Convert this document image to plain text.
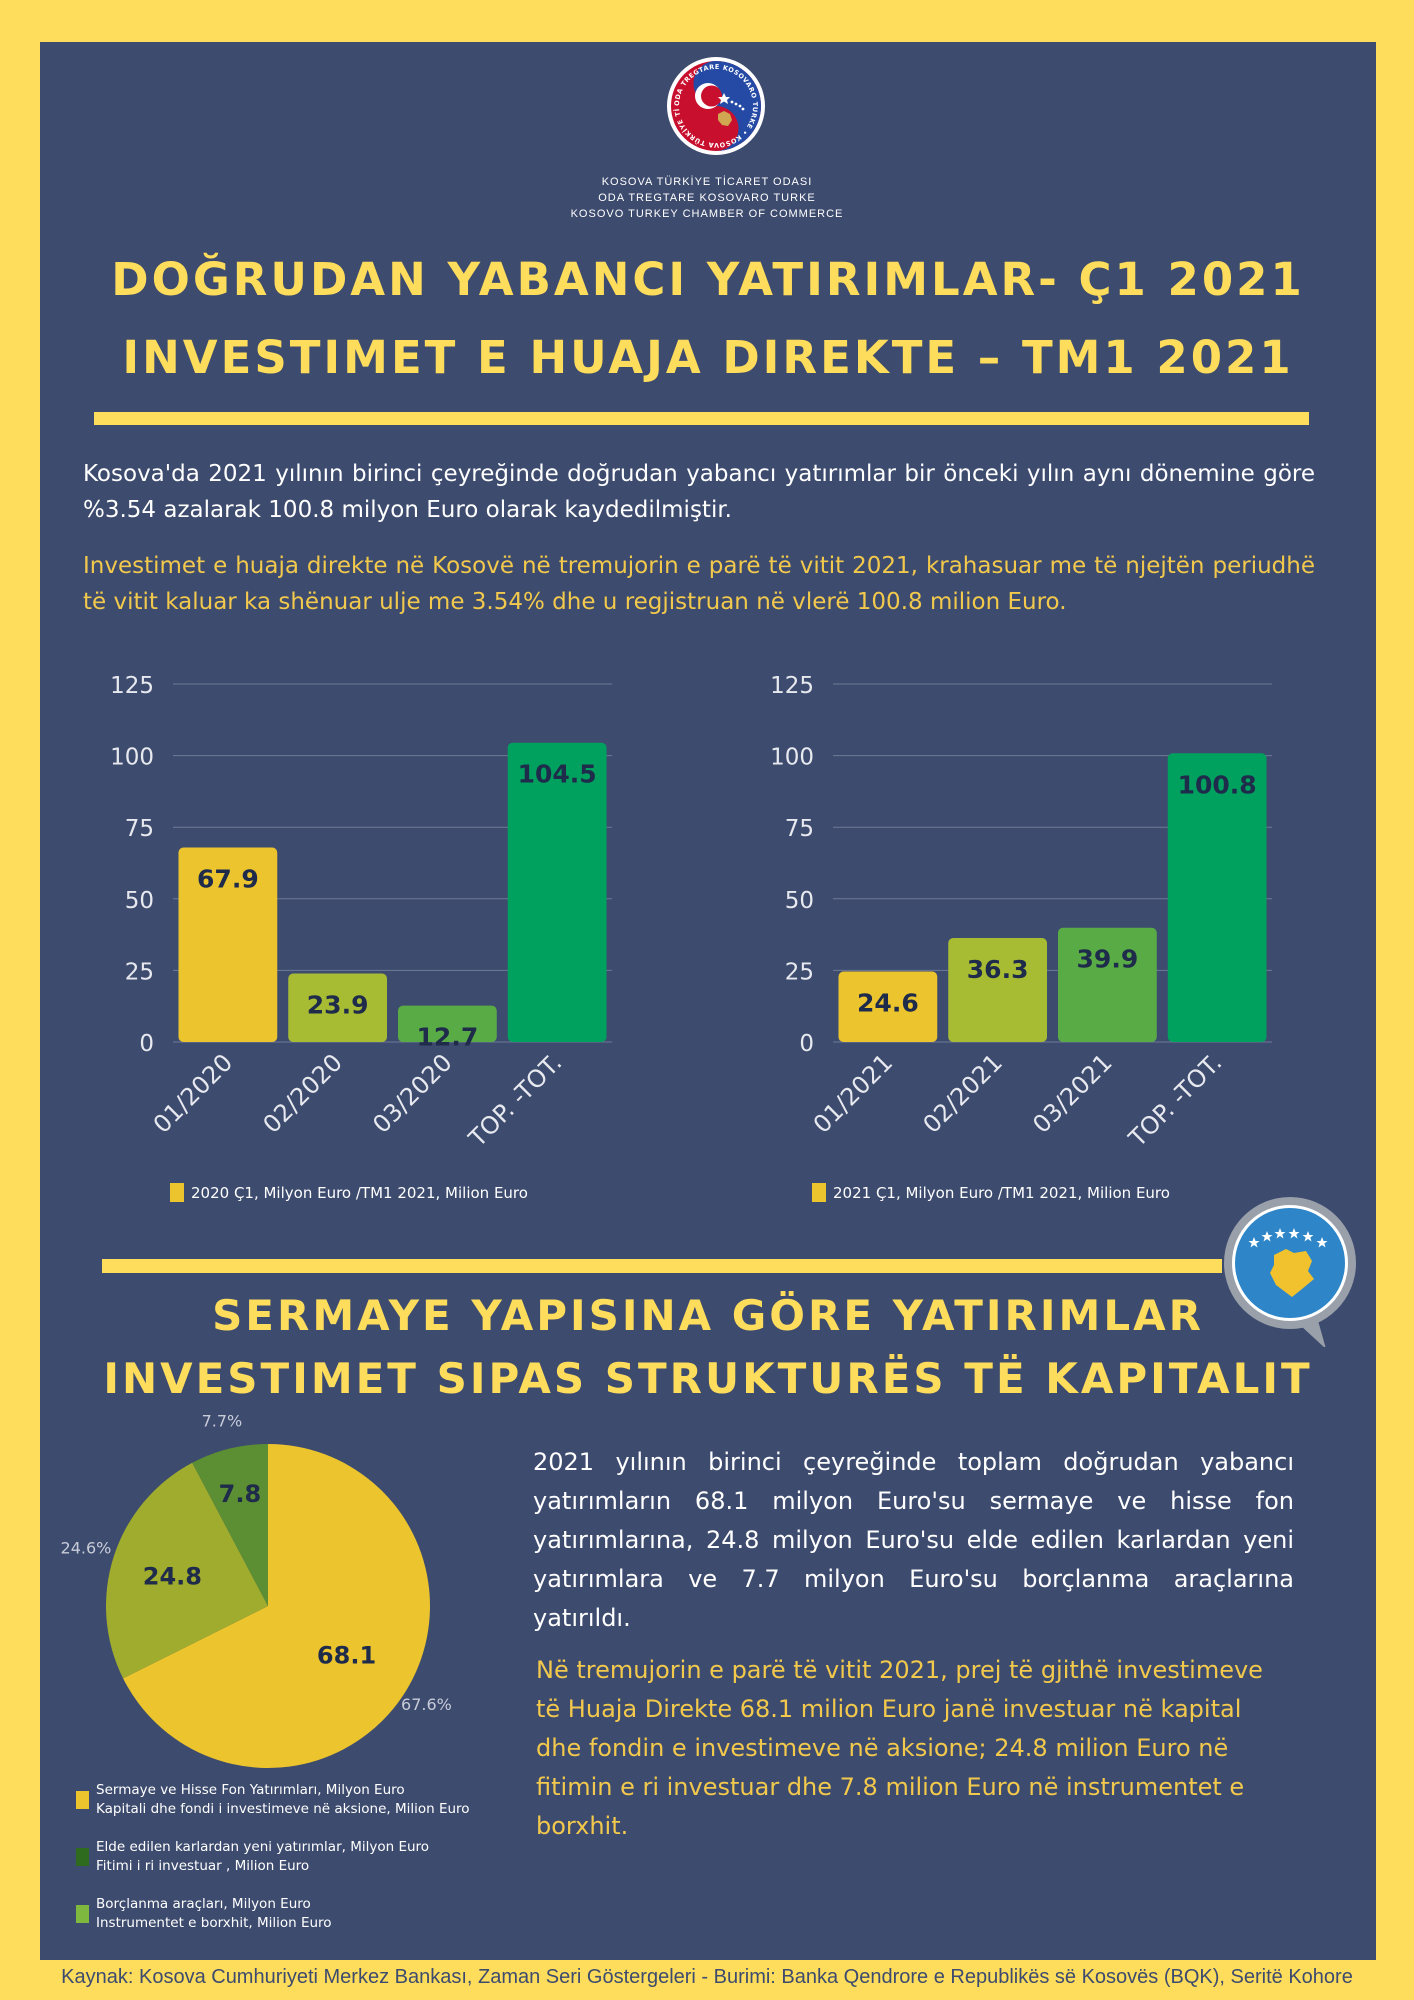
ODA TREGTARE KOSOVARO TURKE • KOSOVA TÜRKİYE Tİ
KOSOVA TÜRKİYE TİCARET ODASI
ODA TREGTARE KOSOVARO TURKE
KOSOVO TURKEY CHAMBER OF COMMERCE
DOĞRUDAN YABANCI YATIRIMLAR- Ç1 2021
INVESTIMET E HUAJA DIREKTE – TM1 2021
Kosova'da 2021 yılının birinci çeyreğinde doğrudan yabancı yatırımlar bir önceki yılın aynı dönemine göre %3.54 azalarak 100.8 milyon Euro olarak kaydedilmiştir.
Investimet e huaja direkte në Kosovë në tremujorin e parë të vitit 2021, krahasuar me të njejtën periudhë të vitit kaluar ka shënuar ulje me 3.54% dhe u regjistruan në vlerë 100.8 milion Euro.
0
25
50
75
100
125
67.9
01/2020
23.9
02/2020
12.7
03/2020
104.5
TOP. -TOT.
2020 Ç1, Milyon Euro /TM1 2021, Milion Euro
0
25
50
75
100
125
24.6
01/2021
36.3
02/2021
39.9
03/2021
100.8
TOP. -TOT.
2021 Ç1, Milyon Euro /TM1 2021, Milion Euro
SERMAYE YAPISINA GÖRE YATIRIMLAR
INVESTIMET SIPAS STRUKTURËS TË KAPITALIT
68.1
67.6%
24.8
24.6%
7.8
7.7%
Sermaye ve Hisse Fon Yatırımları, Milyon Euro
Kapitali dhe fondi i investimeve në aksione, Milion Euro
Elde edilen karlardan yeni yatırımlar, Milyon Euro
Fitimi i ri investuar , Milion Euro
Borçlanma araçları, Milyon Euro
Instrumentet e borxhit, Milion Euro
2021 yılının birinci çeyreğinde toplam doğrudan yabancı yatırımların 68.1 milyon Euro'su sermaye ve hisse fon yatırımlarına, 24.8 milyon Euro'su elde edilen karlardan yeni yatırımlara ve 7.7 milyon Euro'su borçlanma araçlarına yatırıldı.
Në tremujorin e parë të vitit 2021, prej të gjithë investimeve të Huaja Direkte 68.1 milion Euro janë investuar në kapital dhe fondin e investimeve në aksione; 24.8 milion Euro në fitimin e ri investuar dhe 7.8 milion Euro në instrumentet e borxhit.
Kaynak: Kosova Cumhuriyeti Merkez Bankası, Zaman Seri Göstergeleri - Burimi: Banka Qendrore e Republikës së Kosovës (BQK), Seritë Kohore
